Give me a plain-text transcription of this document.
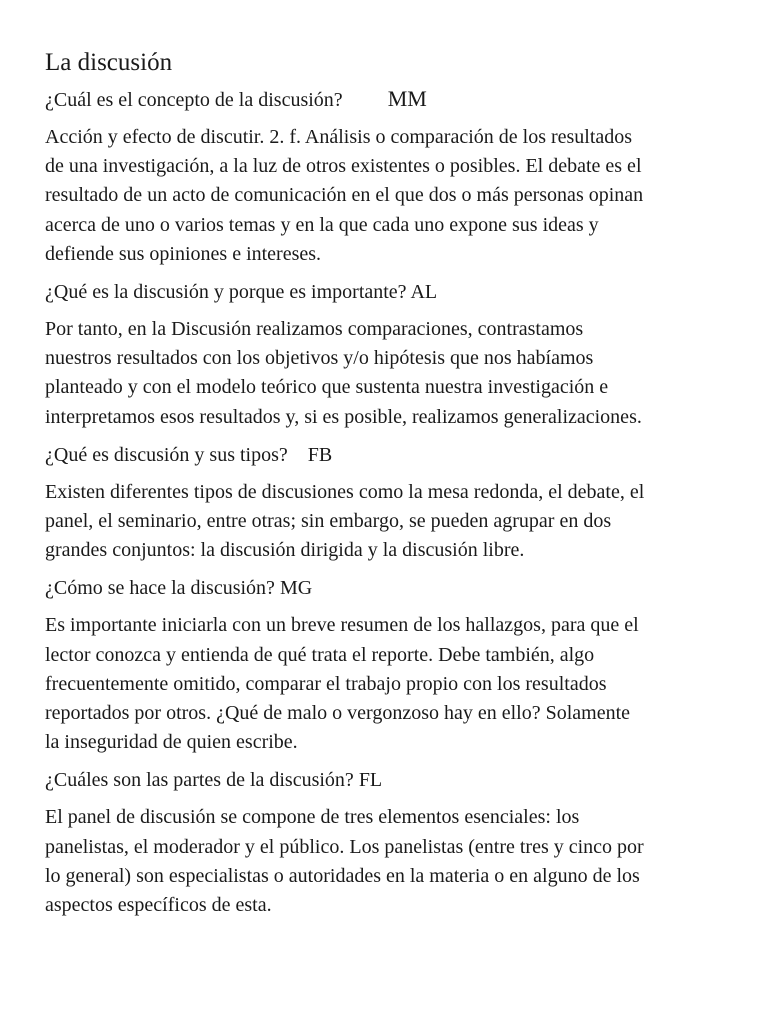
La discusión

¿Cuál es el concepto de la discusión? MM

Acción y efecto de discutir. 2. f. Análisis o comparación de los resultados
de una investigación, a la luz de otros existentes o posibles. El debate es el
resultado de un acto de comunicación en el que dos o más personas opinan
acerca de uno o varios temas y en la que cada uno expone sus ideas y
defiende sus opiniones e intereses.

¿Qué es la discusión y porque es importante? AL

Por tanto, en la Discusión realizamos comparaciones, contrastamos
nuestros resultados con los objetivos y/o hipótesis que nos habíamos
planteado y con el modelo teórico que sustenta nuestra investigación e
interpretamos esos resultados y, si es posible, realizamos generalizaciones.

¿Qué es discusión y sus tipos? FB

Existen diferentes tipos de discusiones como la mesa redonda, el debate, el
panel, el seminario, entre otras; sin embargo, se pueden agrupar en dos
grandes conjuntos: la discusión dirigida y la discusión libre.

¿Cómo se hace la discusión? MG

Es importante iniciarla con un breve resumen de los hallazgos, para que el
lector conozca y entienda de qué trata el reporte. Debe también, algo
frecuentemente omitido, comparar el trabajo propio con los resultados
reportados por otros. ¿Qué de malo o vergonzoso hay en ello? Solamente
la inseguridad de quien escribe.

¿Cuáles son las partes de la discusión? FL

El panel de discusión se compone de tres elementos esenciales: los
panelistas, el moderador y el público. Los panelistas (entre tres y cinco por
lo general) son especialistas o autoridades en la materia o en alguno de los
aspectos específicos de esta.
